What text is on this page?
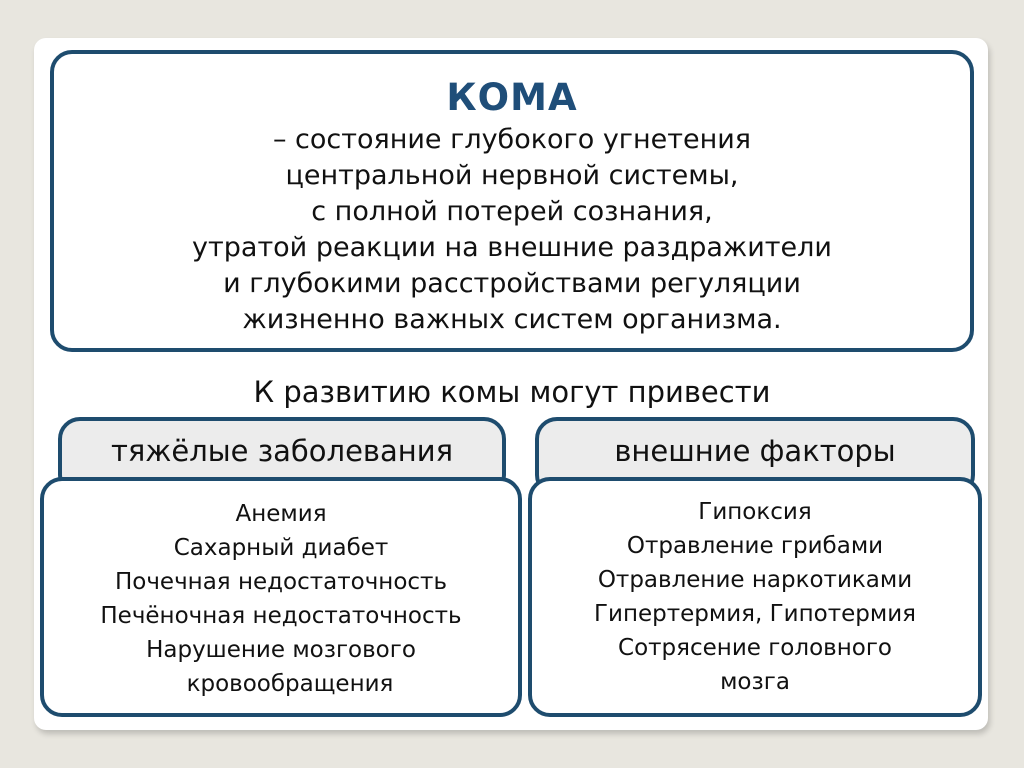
КОМА
– состояние глубокого угнетения
центральной нервной системы,
с полной потерей сознания,
утратой реакции на внешние раздражители
и глубокими расстройствами регуляции
жизненно важных систем организма.
К развитию комы могут привести
тяжёлые заболевания	внешние факторы
Анемия
Сахарный диабет
Почечная недостаточность
Печёночная недостаточность
Нарушение мозгового
кровообращения
Гипоксия
Отравление грибами
Отравление наркотиками
Гипертермия, Гипотермия
Сотрясение головного
мозга
